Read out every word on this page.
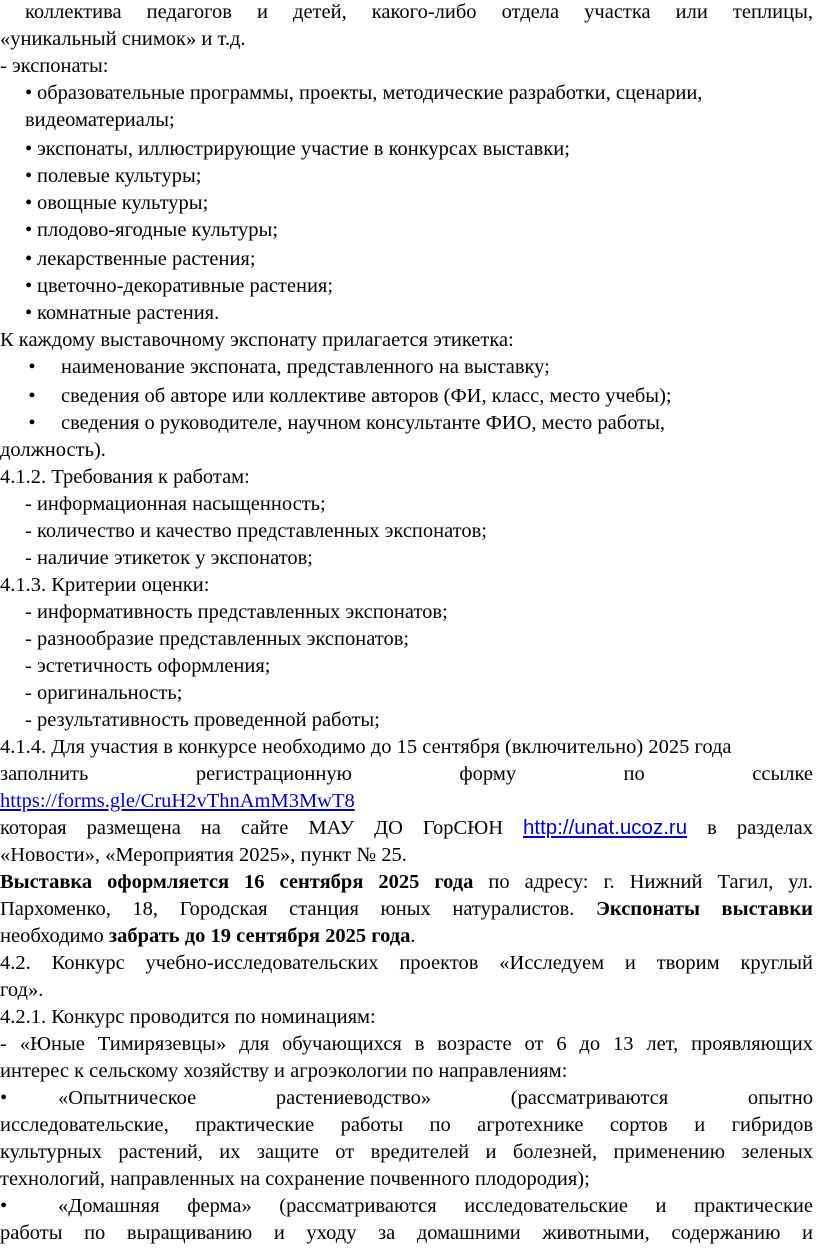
коллектива педагогов и детей, какого-либо отдела участка или теплицы,
«уникальный снимок» и т.д.
- экспонаты:
• образовательные программы, проекты, методические разработки, сценарии,
видеоматериалы;
• экспонаты, иллюстрирующие участие в конкурсах выставки;
• полевые культуры;
• овощные культуры;
• плодово-ягодные культуры;
• лекарственные растения;
• цветочно-декоративные растения;
• комнатные растения.
К каждому выставочному экспонату прилагается этикетка:
• наименование экспоната, представленного на выставку;
• сведения об авторе или коллективе авторов (ФИ, класс, место учебы);
• сведения о руководителе, научном консультанте ФИО, место работы,
должность).
4.1.2. Требования к работам:
- информационная насыщенность;
- количество и качество представленных экспонатов;
- наличие этикеток у экспонатов;
4.1.3. Критерии оценки:
- информативность представленных экспонатов;
- разнообразие представленных экспонатов;
- эстетичность оформления;
- оригинальность;
- результативность проведенной работы;
4.1.4. Для участия в конкурсе необходимо до 15 сентября (включительно) 2025 года
заполнить регистрационную форму по ссылке
https://forms.gle/CruH2vThnAmM3MwT8
которая размещена на сайте МАУ ДО ГорСЮН http://unat.ucoz.ru в разделах
«Новости», «Мероприятия 2025», пункт № 25.
Выставка оформляется 16 сентября 2025 года по адресу: г. Нижний Тагил, ул.
Пархоменко, 18, Городская станция юных натуралистов. Экспонаты выставки
необходимо забрать до 19 сентября 2025 года.
4.2. Конкурс учебно-исследовательских проектов «Исследуем и творим круглый
год».
4.2.1. Конкурс проводится по номинациям:
- «Юные Тимирязевцы» для обучающихся в возрасте от 6 до 13 лет, проявляющих
интерес к сельскому хозяйству и агроэкологии по направлениям:
• «Опытническое растениеводство» (рассматриваются опытно
исследовательские, практические работы по агротехнике сортов и гибридов
культурных растений, их защите от вредителей и болезней, применению зеленых
технологий, направленных на сохранение почвенного плодородия);
• «Домашняя ферма» (рассматриваются исследовательские и практические
работы по выращиванию и уходу за домашними животными, содержанию и
